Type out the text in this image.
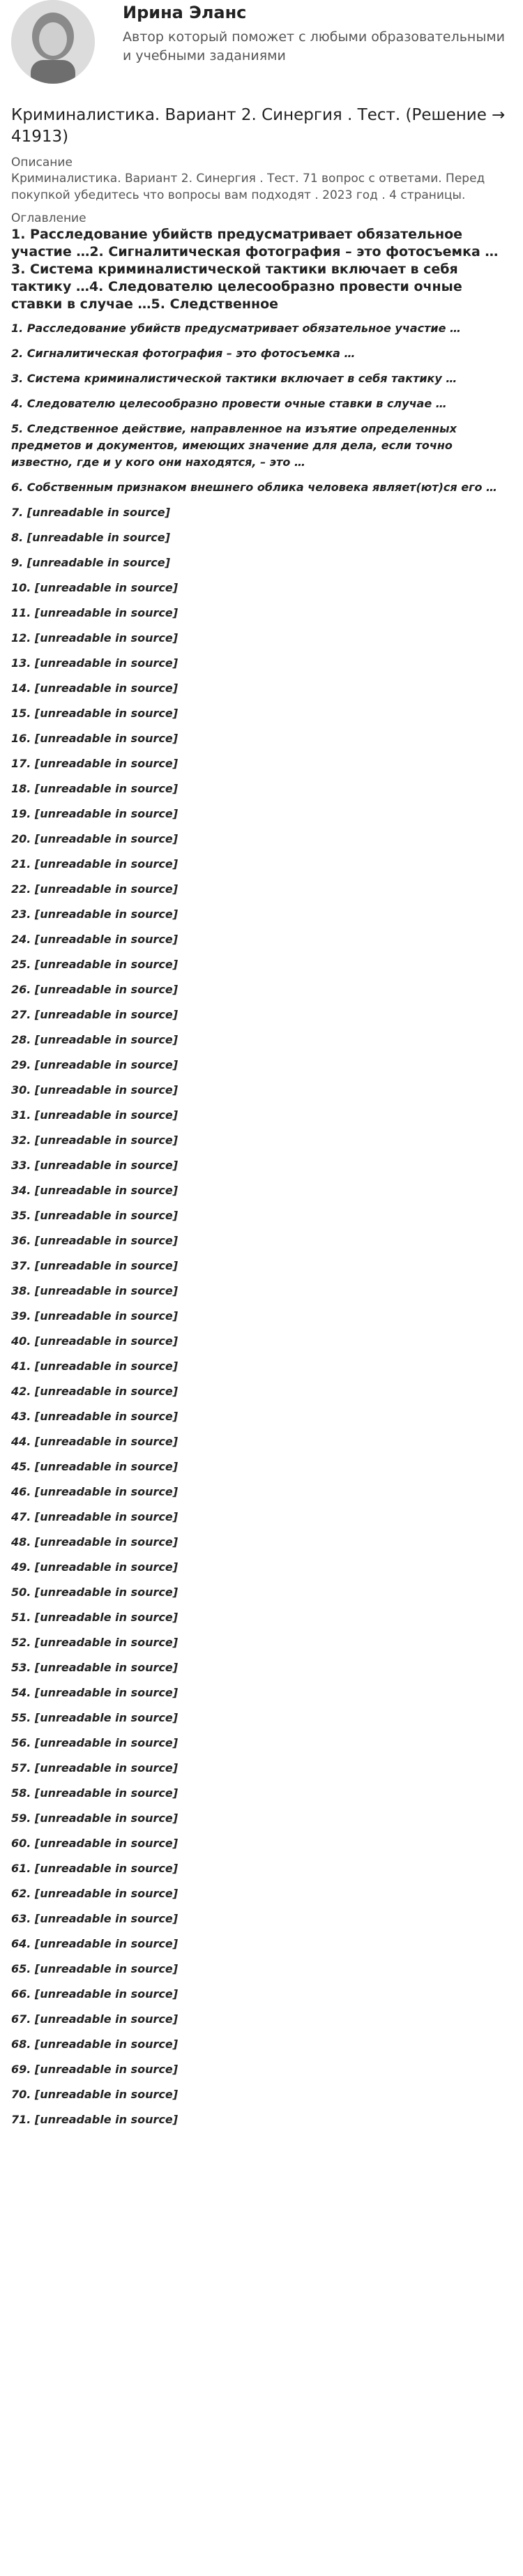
Ирина Эланс
Автор который поможет с любыми образовательными и учебными заданиями
Криминалистика. Вариант 2. Синергия . Тест. (Решение → 41913)

Описание

Криминалистика. Вариант 2. Синергия . Тест. 71 вопрос с ответами. Перед покупкой убедитесь что вопросы вам подходят . 2023 год . 4 страницы.

Оглавление

1. Расследование убийств предусматривает обязательное участие …2. Сигналитическая фотография – это фотосъемка …3. Система криминалистической тактики включает в себя тактику …4. Следователю целесообразно провести очные ставки в случае …5. Следственное

1. Расследование убийств предусматривает обязательное участие …
2. Сигналитическая фотография – это фотосъемка …
3. Система криминалистической тактики включает в себя тактику …
4. Следователю целесообразно провести очные ставки в случае …
5. Следственное действие, направленное на изъятие определенных предметов и документов, имеющих значение для дела, если точно известно, где и у кого они находятся, – это …
6. Собственным признаком внешнего облика человека являет(ют)ся его …
7. [unreadable in source]
8. [unreadable in source]
9. [unreadable in source]
10. [unreadable in source]
11. [unreadable in source]
12. [unreadable in source]
13. [unreadable in source]
14. [unreadable in source]
15. [unreadable in source]
16. [unreadable in source]
17. [unreadable in source]
18. [unreadable in source]
19. [unreadable in source]
20. [unreadable in source]
21. [unreadable in source]
22. [unreadable in source]
23. [unreadable in source]
24. [unreadable in source]
25. [unreadable in source]
26. [unreadable in source]
27. [unreadable in source]
28. [unreadable in source]
29. [unreadable in source]
30. [unreadable in source]
31. [unreadable in source]
32. [unreadable in source]
33. [unreadable in source]
34. [unreadable in source]
35. [unreadable in source]
36. [unreadable in source]
37. [unreadable in source]
38. [unreadable in source]
39. [unreadable in source]
40. [unreadable in source]
41. [unreadable in source]
42. [unreadable in source]
43. [unreadable in source]
44. [unreadable in source]
45. [unreadable in source]
46. [unreadable in source]
47. [unreadable in source]
48. [unreadable in source]
49. [unreadable in source]
50. [unreadable in source]
51. [unreadable in source]
52. [unreadable in source]
53. [unreadable in source]
54. [unreadable in source]
55. [unreadable in source]
56. [unreadable in source]
57. [unreadable in source]
58. [unreadable in source]
59. [unreadable in source]
60. [unreadable in source]
61. [unreadable in source]
62. [unreadable in source]
63. [unreadable in source]
64. [unreadable in source]
65. [unreadable in source]
66. [unreadable in source]
67. [unreadable in source]
68. [unreadable in source]
69. [unreadable in source]
70. [unreadable in source]
71. [unreadable in source]
